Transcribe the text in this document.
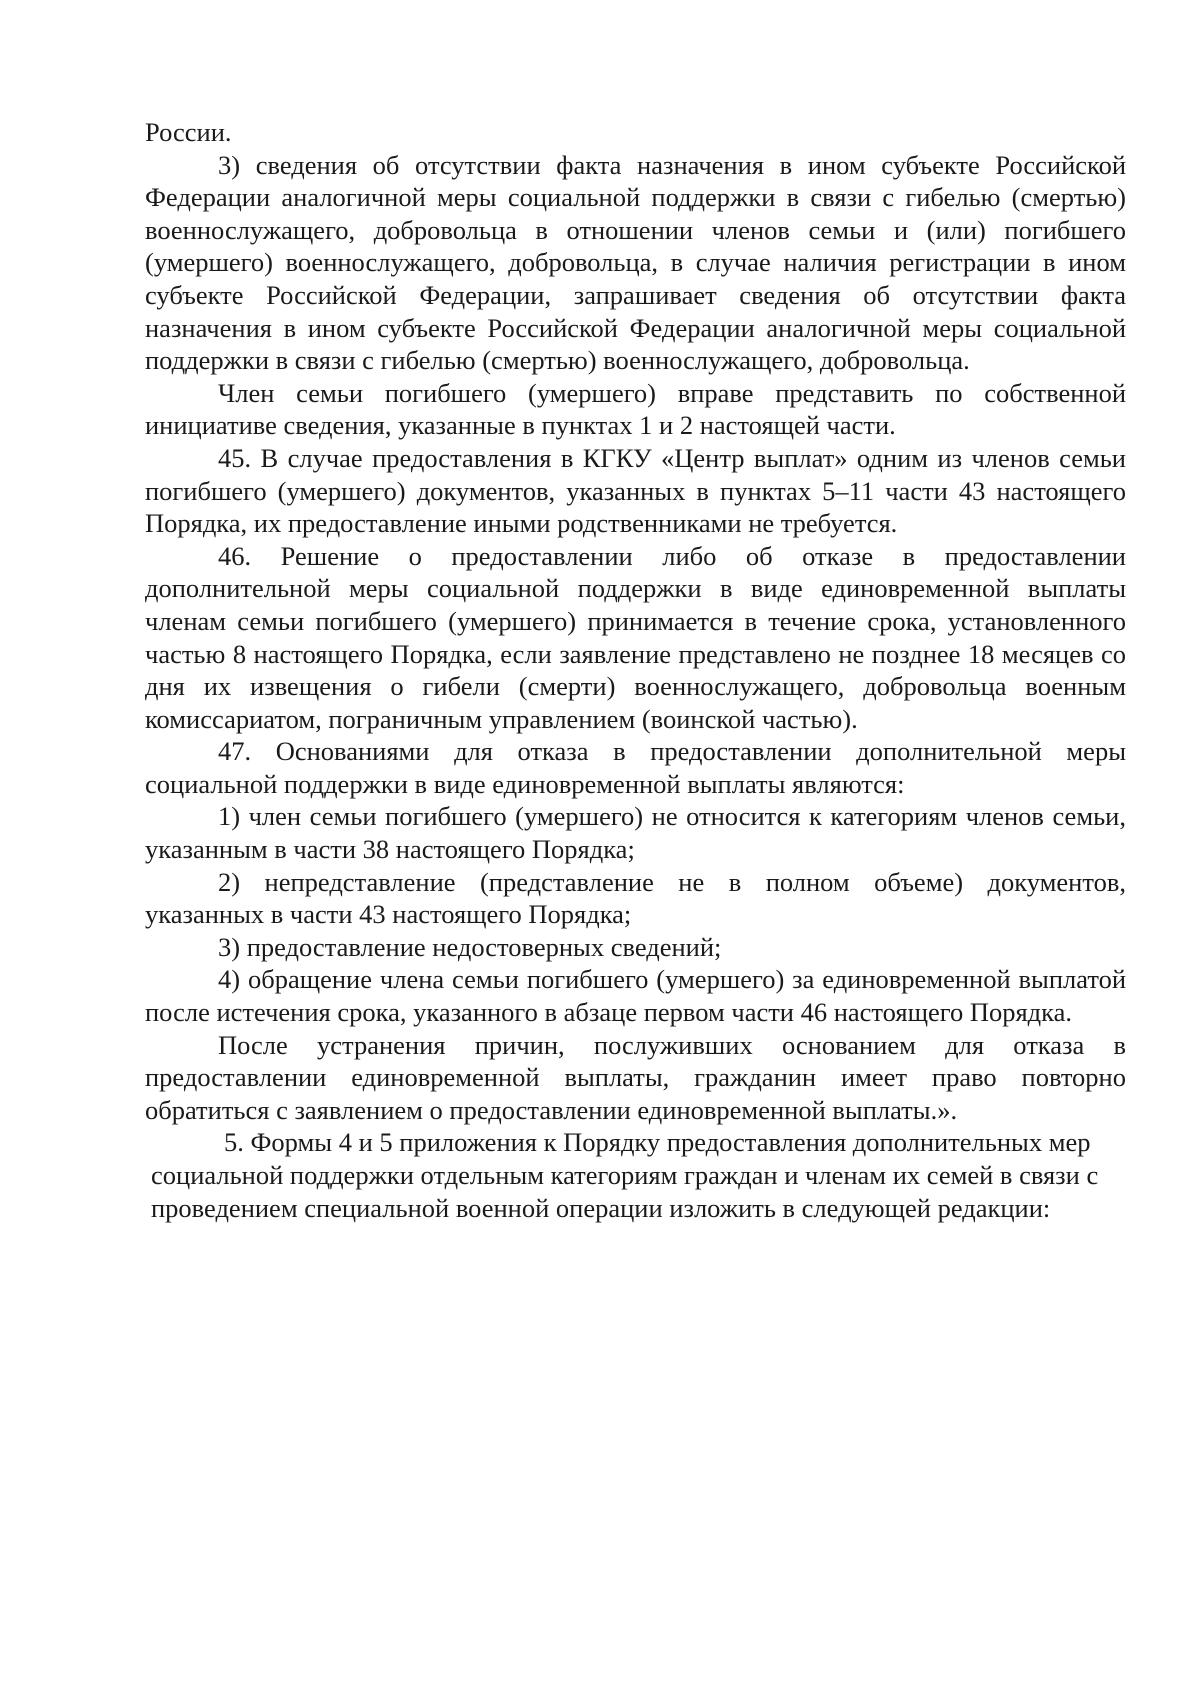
России.

3) сведения об отсутствии факта назначения в ином субъекте Российской Федерации аналогичной меры социальной поддержки в связи с гибелью (смертью) военнослужащего, добровольца в отношении членов семьи и (или) погибшего (умершего) военнослужащего, добровольца, в случае наличия регистрации в ином субъекте Российской Федерации, запрашивает сведения об отсутствии факта назначения в ином субъекте Российской Федерации аналогичной меры социальной поддержки в связи с гибелью (смертью) военнослужащего, добровольца.

Член семьи погибшего (умершего) вправе представить по собственной инициативе сведения, указанные в пунктах 1 и 2 настоящей части.

45. В случае предоставления в КГКУ «Центр выплат» одним из членов семьи погибшего (умершего) документов, указанных в пунктах 5–11 части 43 настоящего Порядка, их предоставление иными родственниками не требуется.

46. Решение о предоставлении либо об отказе в предоставлении дополнительной меры социальной поддержки в виде единовременной выплаты членам семьи погибшего (умершего) принимается в течение срока, установленного частью 8 настоящего Порядка, если заявление представлено не позднее 18 месяцев со дня их извещения о гибели (смерти) военнослужащего, добровольца военным комиссариатом, пограничным управлением (воинской частью).

47. Основаниями для отказа в предоставлении дополнительной меры социальной поддержки в виде единовременной выплаты являются:

1) член семьи погибшего (умершего) не относится к категориям членов семьи, указанным в части 38 настоящего Порядка;

2) непредставление (представление не в полном объеме) документов, указанных в части 43 настоящего Порядка;

3) предоставление недостоверных сведений;

4) обращение члена семьи погибшего (умершего) за единовременной выплатой после истечения срока, указанного в абзаце первом части 46 настоящего Порядка.

После устранения причин, послуживших основанием для отказа в предоставлении единовременной выплаты, гражданин имеет право повторно обратиться с заявлением о предоставлении единовременной выплаты.».

5. Формы 4 и 5 приложения к Порядку предоставления дополнительных мер социальной поддержки отдельным категориям граждан и членам их семей в связи с проведением специальной военной операции изложить в следующей редакции:
